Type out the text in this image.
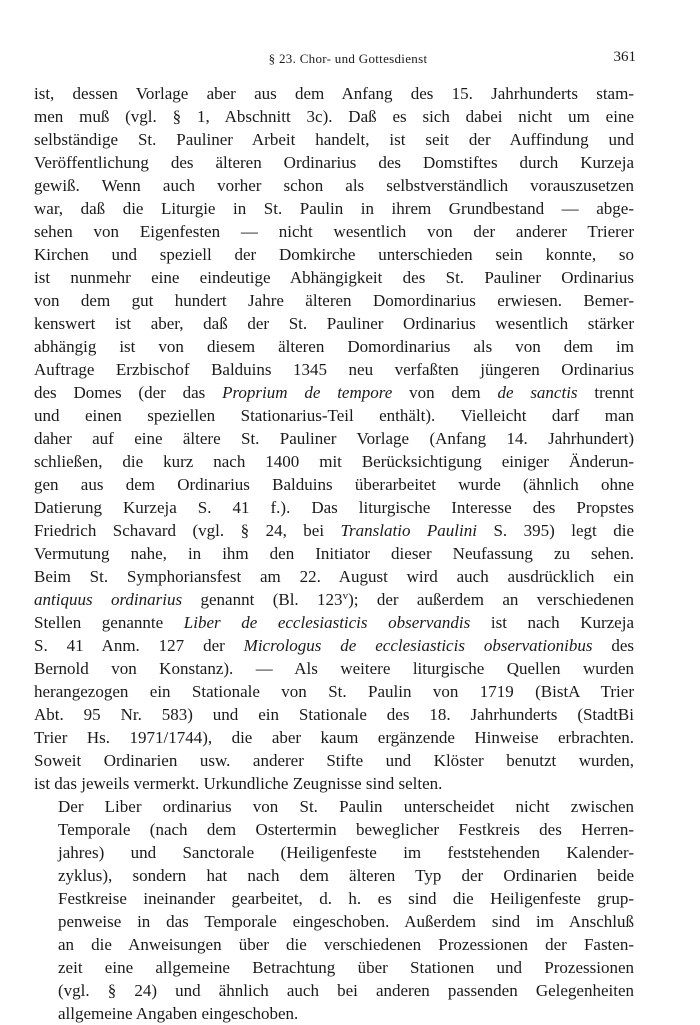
§ 23. Chor- und Gottesdienst	361
ist, dessen Vorlage aber aus dem Anfang des 15. Jahrhunderts stam-
men muß (vgl. § 1, Abschnitt 3c). Daß es sich dabei nicht um eine
selbständige St. Pauliner Arbeit handelt, ist seit der Auffindung und
Veröffentlichung des älteren Ordinarius des Domstiftes durch Kurzeja
gewiß. Wenn auch vorher schon als selbstverständlich vorauszusetzen
war, daß die Liturgie in St. Paulin in ihrem Grundbestand — abge-
sehen von Eigenfesten — nicht wesentlich von der anderer Trierer
Kirchen und speziell der Domkirche unterschieden sein konnte, so
ist nunmehr eine eindeutige Abhängigkeit des St. Pauliner Ordinarius
von dem gut hundert Jahre älteren Domordinarius erwiesen. Bemer-
kenswert ist aber, daß der St. Pauliner Ordinarius wesentlich stärker
abhängig ist von diesem älteren Domordinarius als von dem im
Auftrage Erzbischof Balduins 1345 neu verfaßten jüngeren Ordinarius
des Domes (der das Proprium de tempore von dem de sanctis trennt
und einen speziellen Stationarius-Teil enthält). Vielleicht darf man
daher auf eine ältere St. Pauliner Vorlage (Anfang 14. Jahrhundert)
schließen, die kurz nach 1400 mit Berücksichtigung einiger Änderun-
gen aus dem Ordinarius Balduins überarbeitet wurde (ähnlich ohne
Datierung Kurzeja S. 41 f.). Das liturgische Interesse des Propstes
Friedrich Schavard (vgl. § 24, bei Translatio Paulini S. 395) legt die
Vermutung nahe, in ihm den Initiator dieser Neufassung zu sehen.
Beim St. Symphoriansfest am 22. August wird auch ausdrücklich ein
antiquus ordinarius genannt (Bl. 123$^v$); der außerdem an verschiedenen
Stellen genannte Liber de ecclesiasticis observandis ist nach Kurzeja
S. 41 Anm. 127 der Micrologus de ecclesiasticis observationibus des
Bernold von Konstanz). — Als weitere liturgische Quellen wurden
herangezogen ein Stationale von St. Paulin von 1719 (BistA Trier
Abt. 95 Nr. 583) und ein Stationale des 18. Jahrhunderts (StadtBi
Trier Hs. 1971/1744), die aber kaum ergänzende Hinweise erbrachten.
Soweit Ordinarien usw. anderer Stifte und Klöster benutzt wurden,
ist das jeweils vermerkt. Urkundliche Zeugnisse sind selten.
Der Liber ordinarius von St. Paulin unterscheidet nicht zwischen
Temporale (nach dem Ostertermin beweglicher Festkreis des Herren-
jahres) und Sanctorale (Heiligenfeste im feststehenden Kalender-
zyklus), sondern hat nach dem älteren Typ der Ordinarien beide
Festkreise ineinander gearbeitet, d. h. es sind die Heiligenfeste grup-
penweise in das Temporale eingeschoben. Außerdem sind im Anschluß
an die Anweisungen über die verschiedenen Prozessionen der Fasten-
zeit eine allgemeine Betrachtung über Stationen und Prozessionen
(vgl. § 24) und ähnlich auch bei anderen passenden Gelegenheiten
allgemeine Angaben eingeschoben.
